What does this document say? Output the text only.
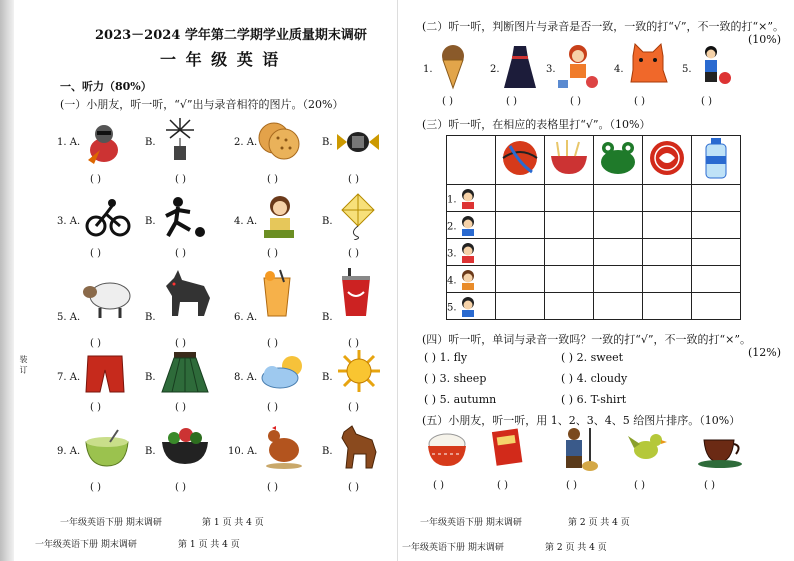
装 订
2023－2024 学年第二学期学业质量期末调研
一 年 级 英 语
一、听力（80%）
(一）小朋友，听一听，“√”出与录音相符的图片。（20%）
1. A.	B.	2. A.	B.
( )	( )	( )	( )
3. A.	B.	4. A.	B.
( )	( )	( )	( )
5. A.	B.	6. A.	B.
( )	( )	( )	( )
7. A.	B.	8. A.	B.
( )	( )	( )	( )
9. A.	B.	10. A.	B.
( )	( )	( )	( )
一年级英语下册 期末调研	第 1 页 共 4 页
一年级英语下册 期末调研	第 1 页 共 4 页
(二）听一听，判断图片与录音是否一致，一致的打“√”，不一致的打“×”。
(10%)
1.	2.	3.	4.	5.
( )	( )	( )	( )	( )
(三）听一听，在相应的表格里打“√”。（10%）

1.					
2.					
3.					
4.					
5.					
(四）听一听，单词与录音一致吗？一致的打“√”，不一致的打“×”。
(12%)
( ) 1. fly	( ) 2. sweet
( ) 3. sheep	( ) 4. cloudy
( ) 5. autumn	( ) 6. T-shirt
(五）小朋友，听一听，用 1、2、3、4、5 给图片排序。（10%）
( )	( )	( )	( )	( )
一年级英语下册 期末调研	第 2 页 共 4 页
一年级英语下册 期末调研	第 2 页 共 4 页
